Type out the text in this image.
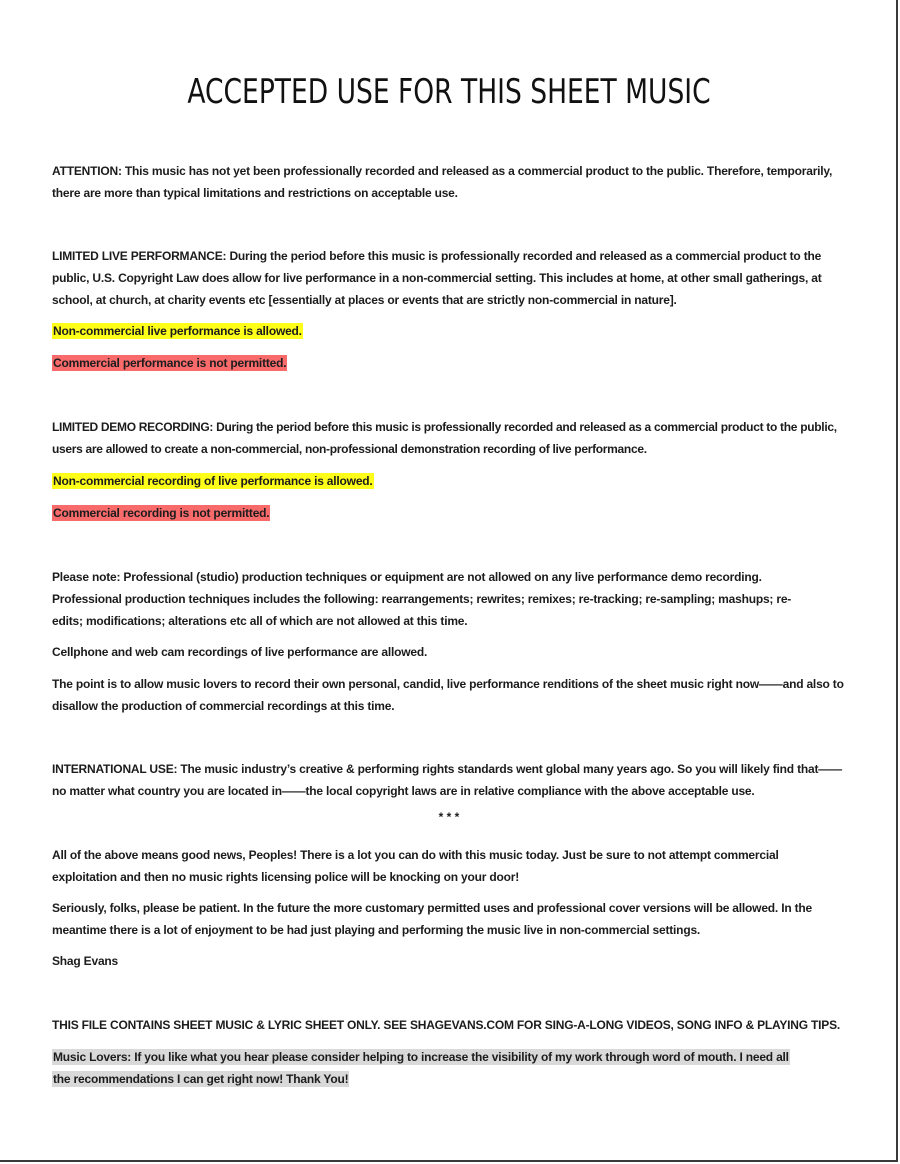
ACCEPTED USE FOR THIS SHEET MUSIC

ATTENTION: This music has not yet been professionally recorded and released as a commercial product to the public. Therefore, temporarily, there are more than typical limitations and restrictions on acceptable use.

LIMITED LIVE PERFORMANCE: During the period before this music is professionally recorded and released as a commercial product to the public, U.S. Copyright Law does allow for live performance in a non-commercial setting. This includes at home, at other small gatherings, at school, at church, at charity events etc [essentially at places or events that are strictly non-commercial in nature].

Non-commercial live performance is allowed.

Commercial performance is not permitted.

LIMITED DEMO RECORDING: During the period before this music is professionally recorded and released as a commercial product to the public, users are allowed to create a non-commercial, non-professional demonstration recording of live performance.

Non-commercial recording of live performance is allowed.

Commercial recording is not permitted.

Please note: Professional (studio) production techniques or equipment are not allowed on any live performance demo recording. Professional production techniques includes the following: rearrangements; rewrites; remixes; re-tracking; re-sampling; mashups; re-edits; modifications; alterations etc all of which are not allowed at this time.

Cellphone and web cam recordings of live performance are allowed.

The point is to allow music lovers to record their own personal, candid, live performance renditions of the sheet music right now——and also to disallow the production of commercial recordings at this time.

INTERNATIONAL USE: The music industry’s creative & performing rights standards went global many years ago. So you will likely find that——no matter what country you are located in——the local copyright laws are in relative compliance with the above acceptable use.

* * *

All of the above means good news, Peoples! There is a lot you can do with this music today. Just be sure to not attempt commercial exploitation and then no music rights licensing police will be knocking on your door!

Seriously, folks, please be patient. In the future the more customary permitted uses and professional cover versions will be allowed. In the meantime there is a lot of enjoyment to be had just playing and performing the music live in non-commercial settings.

Shag Evans

THIS FILE CONTAINS SHEET MUSIC & LYRIC SHEET ONLY. SEE SHAGEVANS.COM FOR SING-A-LONG VIDEOS, SONG INFO & PLAYING TIPS.

Music Lovers: If you like what you hear please consider helping to increase the visibility of my work through word of mouth. I need all the recommendations I can get right now! Thank You!
